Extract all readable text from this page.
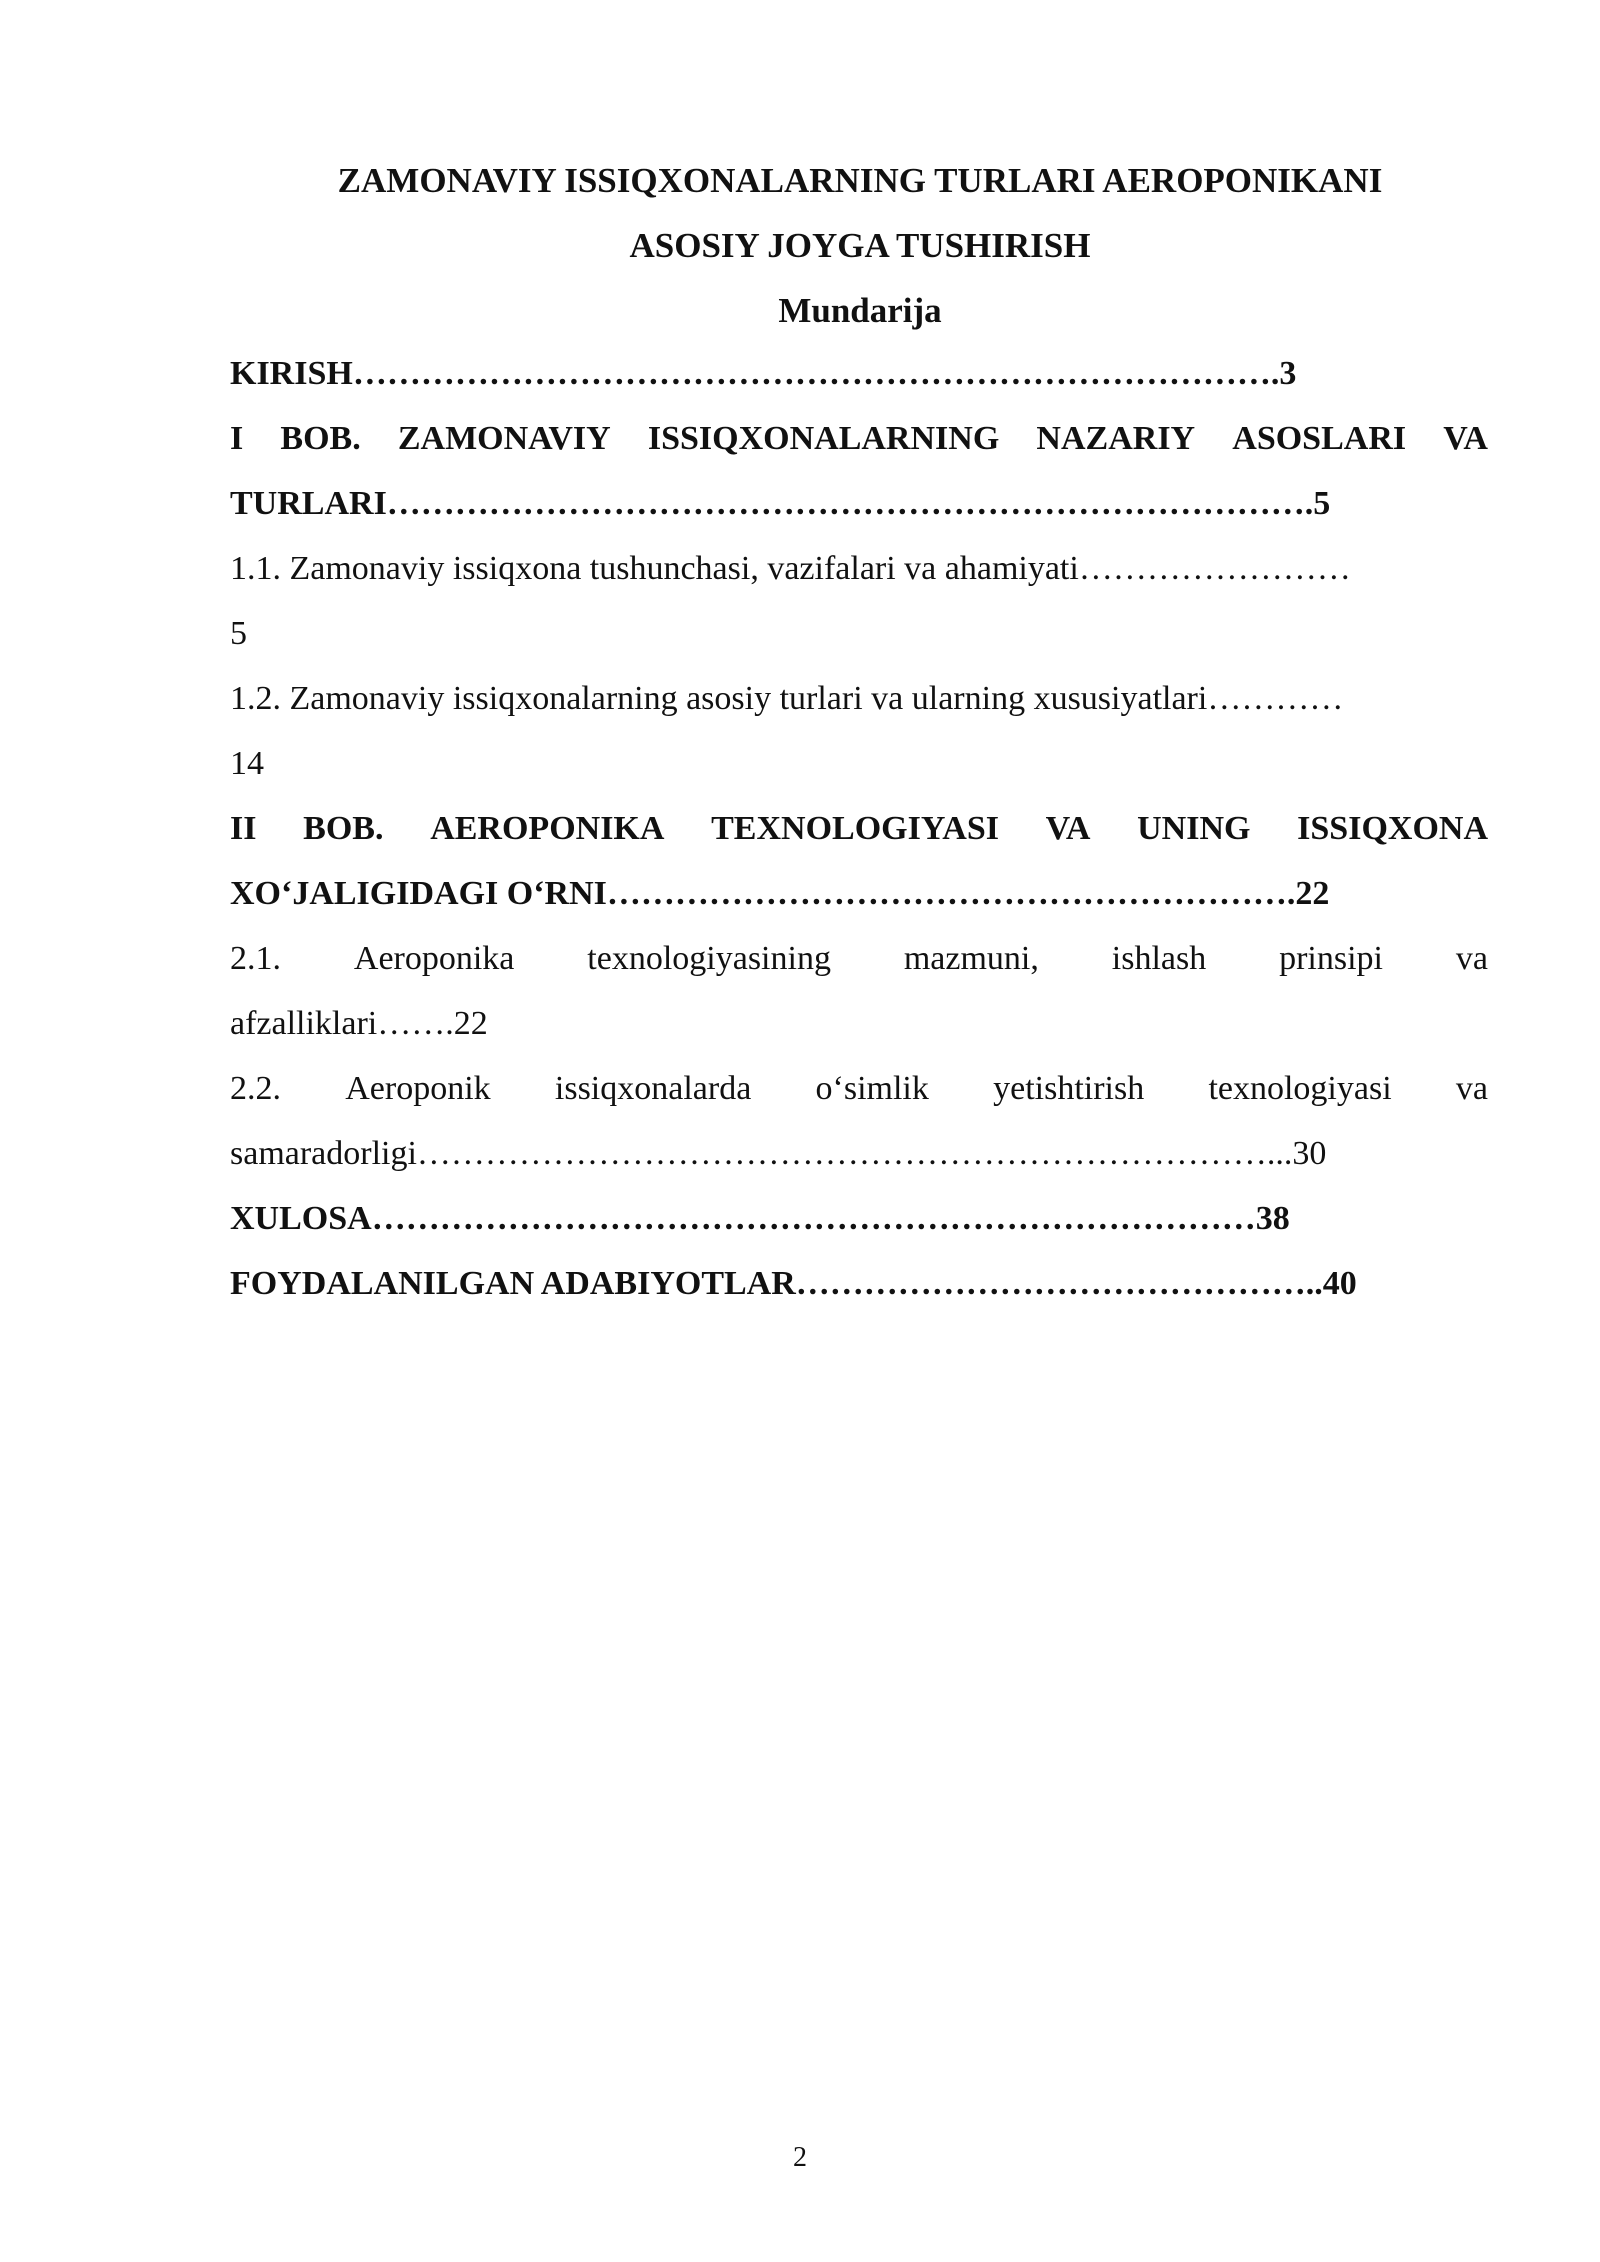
ZAMONAVIY ISSIQXONALARNING TURLARI AEROPONIKANI
ASOSIY JOYGA TUSHIRISH
Mundarija
KIRISH……………………………………………………………………….3
I BOB. ZAMONAVIY ISSIQXONALARNING NAZARIY ASOSLARI VA
TURLARI……………………………………………………………………….5
1.1. Zamonaviy issiqxona tushunchasi, vazifalari va ahamiyati……………………
5
1.2. Zamonaviy issiqxonalarning asosiy turlari va ularning xususiyatlari…………
14
II BOB. AEROPONIKA TEXNOLOGIYASI VA UNING ISSIQXONA
XO‘JALIGIDAGI O‘RNI…………………………………………………….22
2.1. Aeroponika texnologiyasining mazmuni, ishlash prinsipi va
afzalliklari…….22
2.2. Aeroponik issiqxonalarda o‘simlik yetishtirish texnologiyasi va
samaradorligi…………………………………………………………………...30
XULOSA……………………………………………………………………38
FOYDALANILGAN ADABIYOTLAR………………………………………..40
2
